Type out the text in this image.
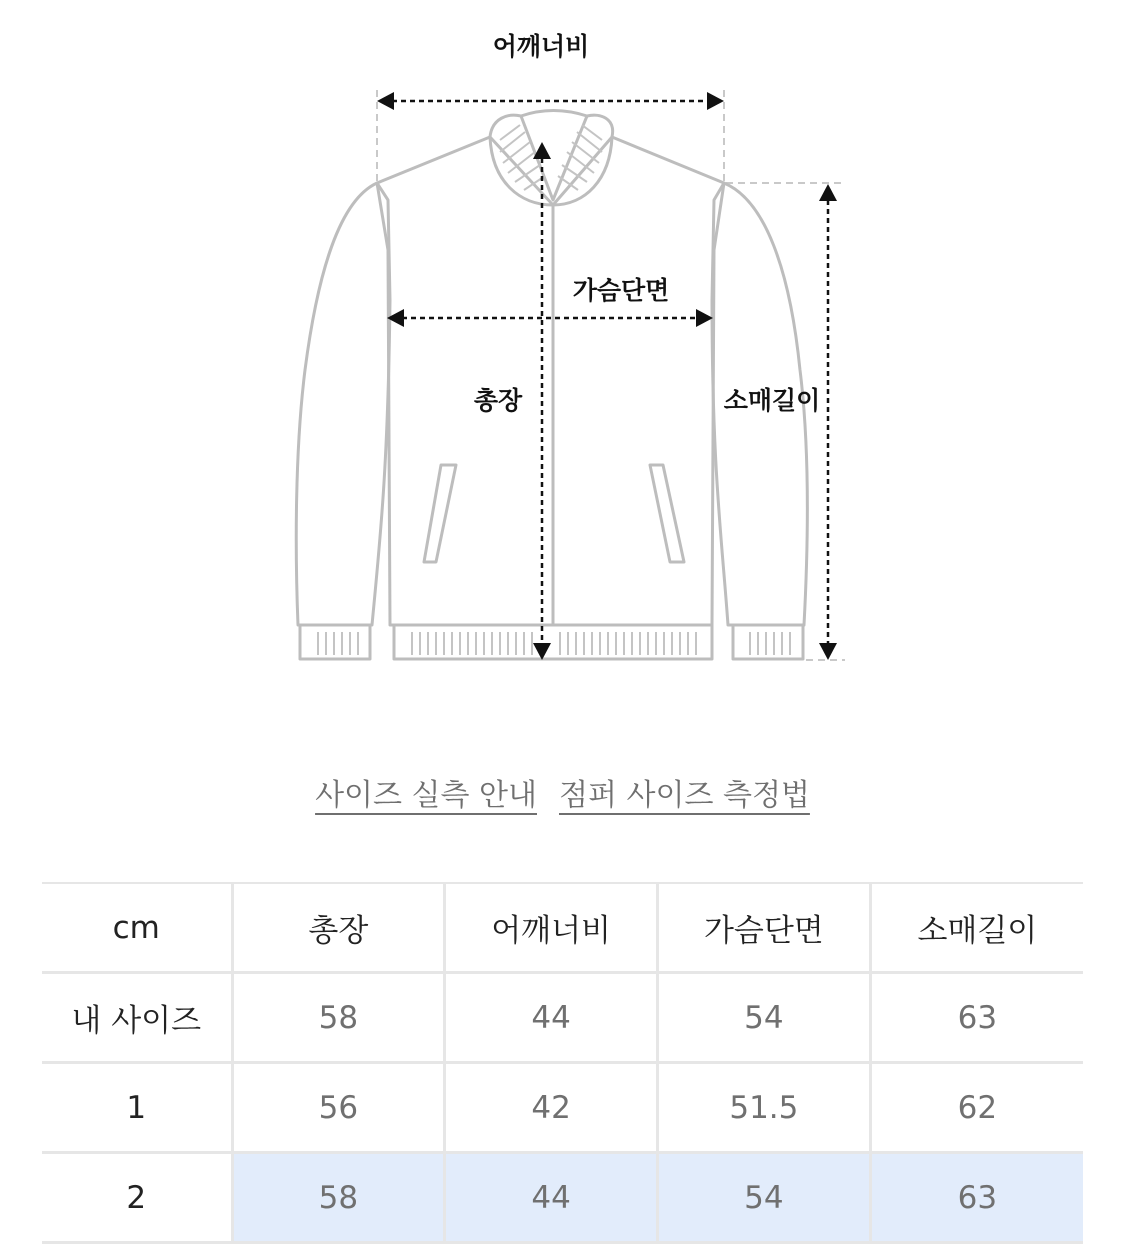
어깨너비
가슴단면
총장	소매길이
사이즈 실측 안내 점퍼 사이즈 측정법
cm	총장	어깨너비	가슴단면	소매길이
내 사이즈	58	44	54	63
1	56	42	51.5	62
2	58	44	54	63
